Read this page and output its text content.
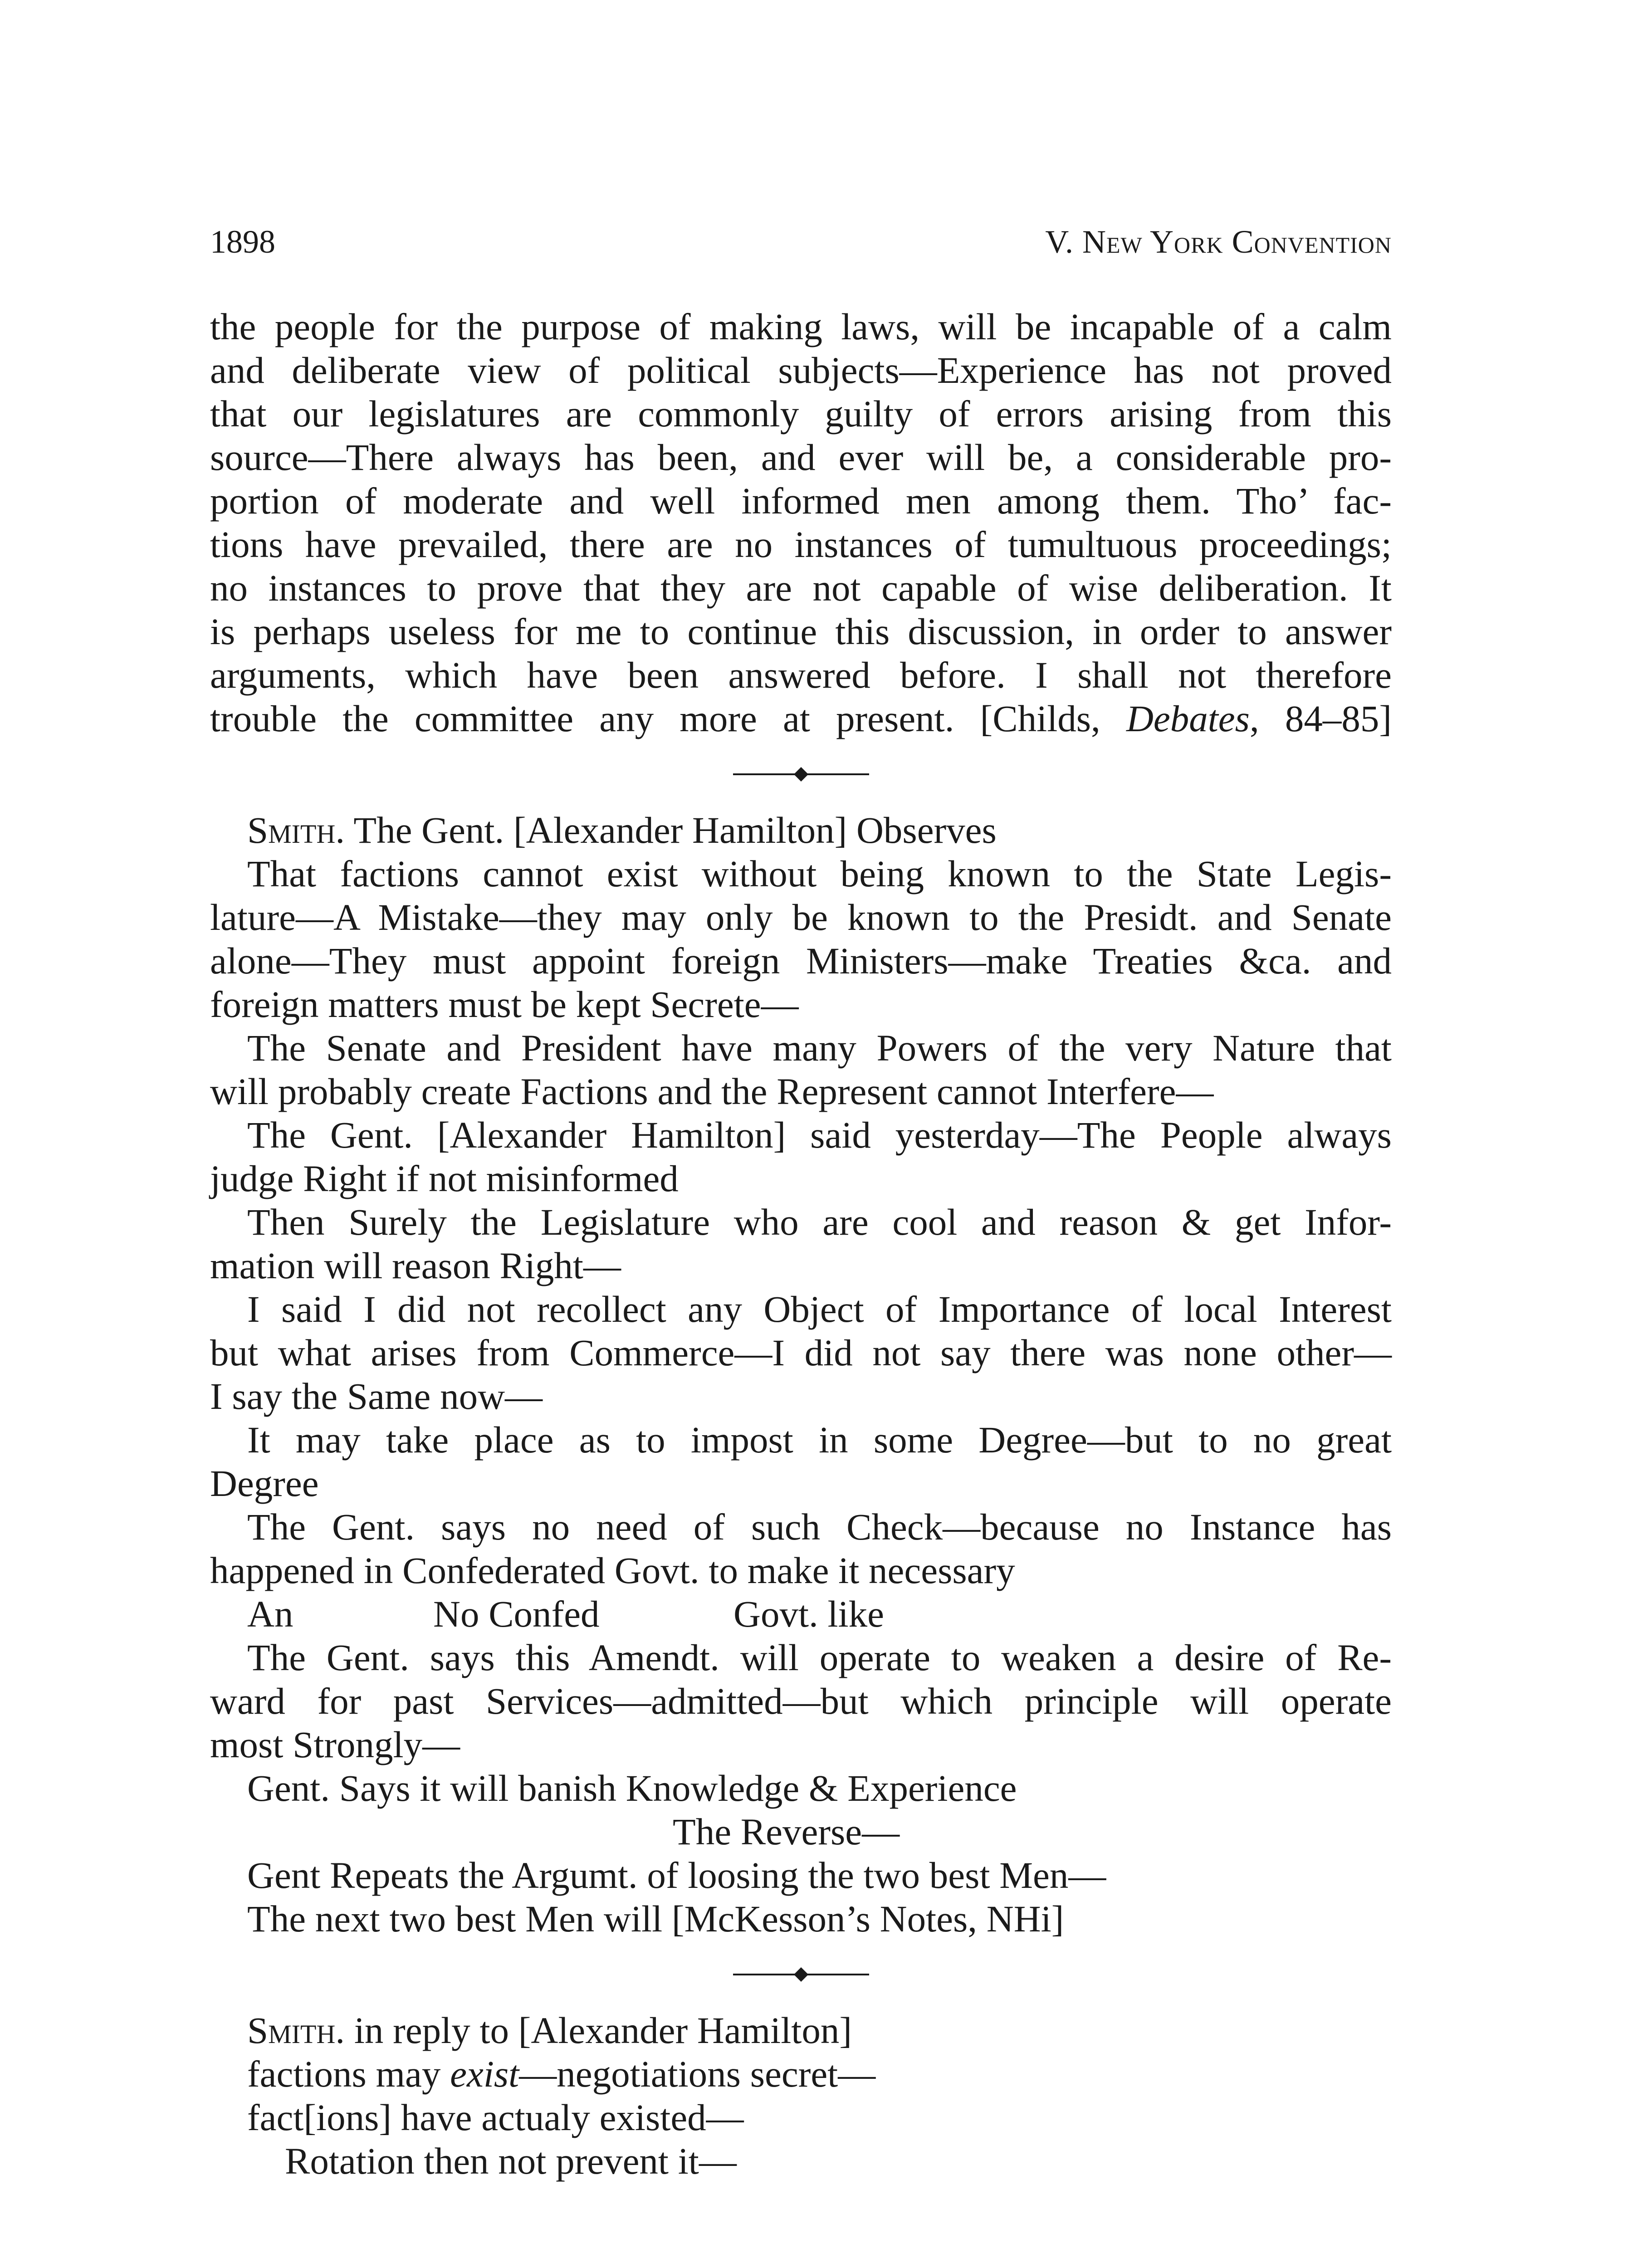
1898	V. New York Convention

the people for the purpose of making laws, will be incapable of a calm

and deliberate view of political subjects—Experience has not proved

that our legislatures are commonly guilty of errors arising from this

source—There always has been, and ever will be, a considerable pro-

portion of moderate and well informed men among them. Tho’ fac-

tions have prevailed, there are no instances of tumultuous proceedings;

no instances to prove that they are not capable of wise deliberation. It

is perhaps useless for me to continue this discussion, in order to answer

arguments, which have been answered before. I shall not therefore

trouble the committee any more at present. [Childs, Debates, 84–85]

Smith. The Gent. [Alexander Hamilton] Observes

That factions cannot exist without being known to the State Legis-

lature—A Mistake—they may only be known to the Presidt. and Senate

alone—They must appoint foreign Ministers—make Treaties &ca. and

foreign matters must be kept Secrete—

The Senate and President have many Powers of the very Nature that

will probably create Factions and the Represent cannot Interfere—

The Gent. [Alexander Hamilton] said yesterday—The People always

judge Right if not misinformed

Then Surely the Legislature who are cool and reason & get Infor-

mation will reason Right—

I said I did not recollect any Object of Importance of local Interest

but what arises from Commerce—I did not say there was none other—

I say the Same now—

It may take place as to impost in some Degree—but to no great

Degree

The Gent. says no need of such Check—because no Instance has

happened in Confederated Govt. to make it necessary

An	No Confed	Govt. like

The Gent. says this Amendt. will operate to weaken a desire of Re-

ward for past Services—admitted—but which principle will operate

most Strongly—

Gent. Says it will banish Knowledge & Experience

The Reverse—

Gent Repeats the Argumt. of loosing the two best Men—

The next two best Men will [McKesson’s Notes, NHi]

Smith. in reply to [Alexander Hamilton]

factions may exist—negotiations secret—

fact[ions] have actualy existed—

Rotation then not prevent it—
